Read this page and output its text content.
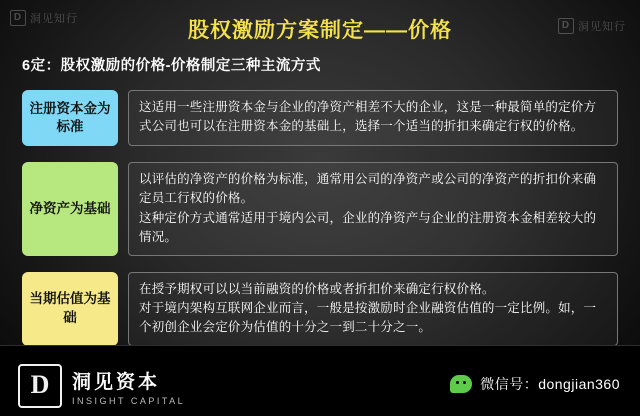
D 洞见知行
D 洞见知行
股权激励方案制定——价格
6定：股权激励的价格-价格制定三种主流方式
注册资本金为标准

这适用一些注册资本金与企业的净资产相差不大的企业，这是一种最简单的定价方式公司也可以在注册资本金的基础上，选择一个适当的折扣来确定行权的价格。

净资产为基础

以评估的净资产的价格为标准，通常用公司的净资产或公司的净资产的折扣价来确定员工行权的价格。

这种定价方式通常适用于境内公司，企业的净资产与企业的注册资本金相差较大的情况。

当期估值为基础

在授予期权可以以当前融资的价格或者折扣价来确定行权价格。

对于境内架构互联网企业而言，一般是按激励时企业融资估值的一定比例。如，一个初创企业会定价为估值的十分之一到二十分之一。

D	洞见资本
INSIGHT CAPITAL
微信号：dongjian360
